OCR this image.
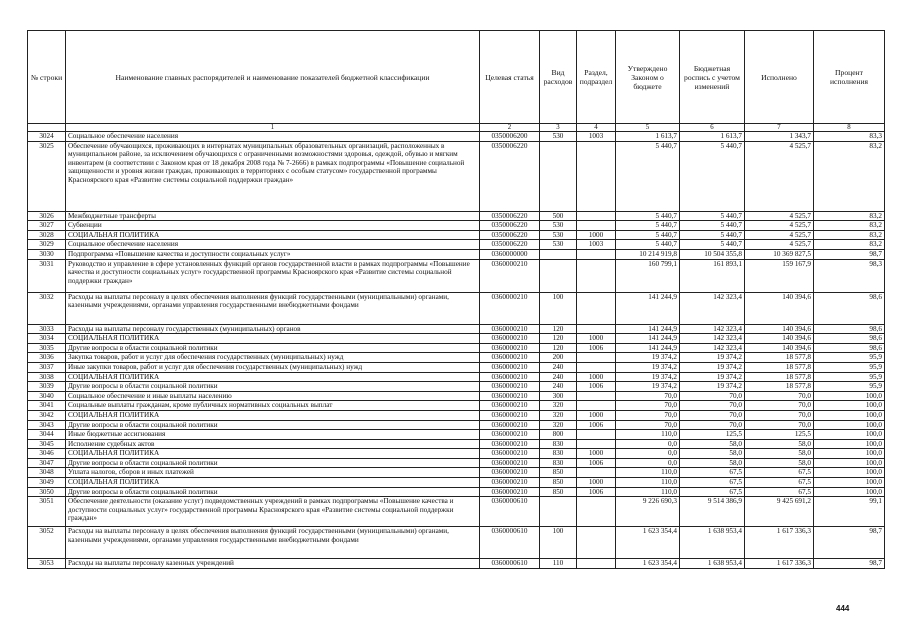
№ строки	Наименование главных распорядителей и наименование показателей бюджетной классификации	Целевая статья	Вид расходов	Раздел, подраздел	Утверждено Законом о бюджете	Бюджетная роспись с учетом изменений	Исполнено	Процент исполнения
	1	2	3	4	5	6	7	8
3024	Социальное обеспечение населения	0350006200	530	1003	1 613,7	1 613,7	1 343,7	83,3
3025	Обеспечение обучающихся, проживающих в интернатах муниципальных образовательных организаций, расположенных в муниципальном районе, за исключением обучающихся с ограниченными возможностями здоровья, одеждой, обувью и мягким инвентарем (в соответствии с Законом края от 18 декабря 2008 года № 7-2666) в рамках подпрограммы «Повышение социальной защищенности и уровня жизни граждан, проживающих в территориях с особым статусом» государственной программы Красноярского края «Развитие системы социальной поддержки граждан»	0350006220			5 440,7	5 440,7	4 525,7	83,2
3026	Межбюджетные трансферты	0350006220	500		5 440,7	5 440,7	4 525,7	83,2
3027	Субвенции	0350006220	530		5 440,7	5 440,7	4 525,7	83,2
3028	СОЦИАЛЬНАЯ ПОЛИТИКА	0350006220	530	1000	5 440,7	5 440,7	4 525,7	83,2
3029	Социальное обеспечение населения	0350006220	530	1003	5 440,7	5 440,7	4 525,7	83,2
3030	Подпрограмма «Повышение качества и доступности социальных услуг»	0360000000			10 214 919,8	10 504 355,8	10 369 827,5	98,7
3031	Руководство и управление в сфере установленных функций органов государственной власти в рамках подпрограммы «Повышение качества и доступности социальных услуг» государственной программы Красноярского края «Развитие системы социальной поддержки граждан»	0360000210			160 799,1	161 893,1	159 167,9	98,3
3032	Расходы на выплаты персоналу в целях обеспечения выполнения функций государственными (муниципальными) органами, казенными учреждениями, органами управления государственными внебюджетными фондами	0360000210	100		141 244,9	142 323,4	140 394,6	98,6
3033	Расходы на выплаты персоналу государственных (муниципальных) органов	0360000210	120		141 244,9	142 323,4	140 394,6	98,6
3034	СОЦИАЛЬНАЯ ПОЛИТИКА	0360000210	120	1000	141 244,9	142 323,4	140 394,6	98,6
3035	Другие вопросы в области социальной политики	0360000210	120	1006	141 244,9	142 323,4	140 394,6	98,6
3036	Закупка товаров, работ и услуг для обеспечения государственных (муниципальных) нужд	0360000210	200		19 374,2	19 374,2	18 577,8	95,9
3037	Иные закупки товаров, работ и услуг для обеспечения государственных (муниципальных) нужд	0360000210	240		19 374,2	19 374,2	18 577,8	95,9
3038	СОЦИАЛЬНАЯ ПОЛИТИКА	0360000210	240	1000	19 374,2	19 374,2	18 577,8	95,9
3039	Другие вопросы в области социальной политики	0360000210	240	1006	19 374,2	19 374,2	18 577,8	95,9
3040	Социальное обеспечение и иные выплаты населению	0360000210	300		70,0	70,0	70,0	100,0
3041	Социальные выплаты гражданам, кроме публичных нормативных социальных выплат	0360000210	320		70,0	70,0	70,0	100,0
3042	СОЦИАЛЬНАЯ ПОЛИТИКА	0360000210	320	1000	70,0	70,0	70,0	100,0
3043	Другие вопросы в области социальной политики	0360000210	320	1006	70,0	70,0	70,0	100,0
3044	Иные бюджетные ассигнования	0360000210	800		110,0	125,5	125,5	100,0
3045	Исполнение судебных актов	0360000210	830		0,0	58,0	58,0	100,0
3046	СОЦИАЛЬНАЯ ПОЛИТИКА	0360000210	830	1000	0,0	58,0	58,0	100,0
3047	Другие вопросы в области социальной политики	0360000210	830	1006	0,0	58,0	58,0	100,0
3048	Уплата налогов, сборов и иных платежей	0360000210	850		110,0	67,5	67,5	100,0
3049	СОЦИАЛЬНАЯ ПОЛИТИКА	0360000210	850	1000	110,0	67,5	67,5	100,0
3050	Другие вопросы в области социальной политики	0360000210	850	1006	110,0	67,5	67,5	100,0
3051	Обеспечение деятельности (оказание услуг) подведомственных учреждений в рамках подпрограммы «Повышение качества и доступности социальных услуг» государственной программы Красноярского края «Развитие системы социальной поддержки граждан»	0360000610			9 226 690,3	9 514 386,9	9 425 691,2	99,1
3052	Расходы на выплаты персоналу в целях обеспечения выполнения функций государственными (муниципальными) органами, казенными учреждениями, органами управления государственными внебюджетными фондами	0360000610	100		1 623 354,4	1 638 953,4	1 617 336,3	98,7
3053	Расходы на выплаты персоналу казенных учреждений	0360000610	110		1 623 354,4	1 638 953,4	1 617 336,3	98,7
444
